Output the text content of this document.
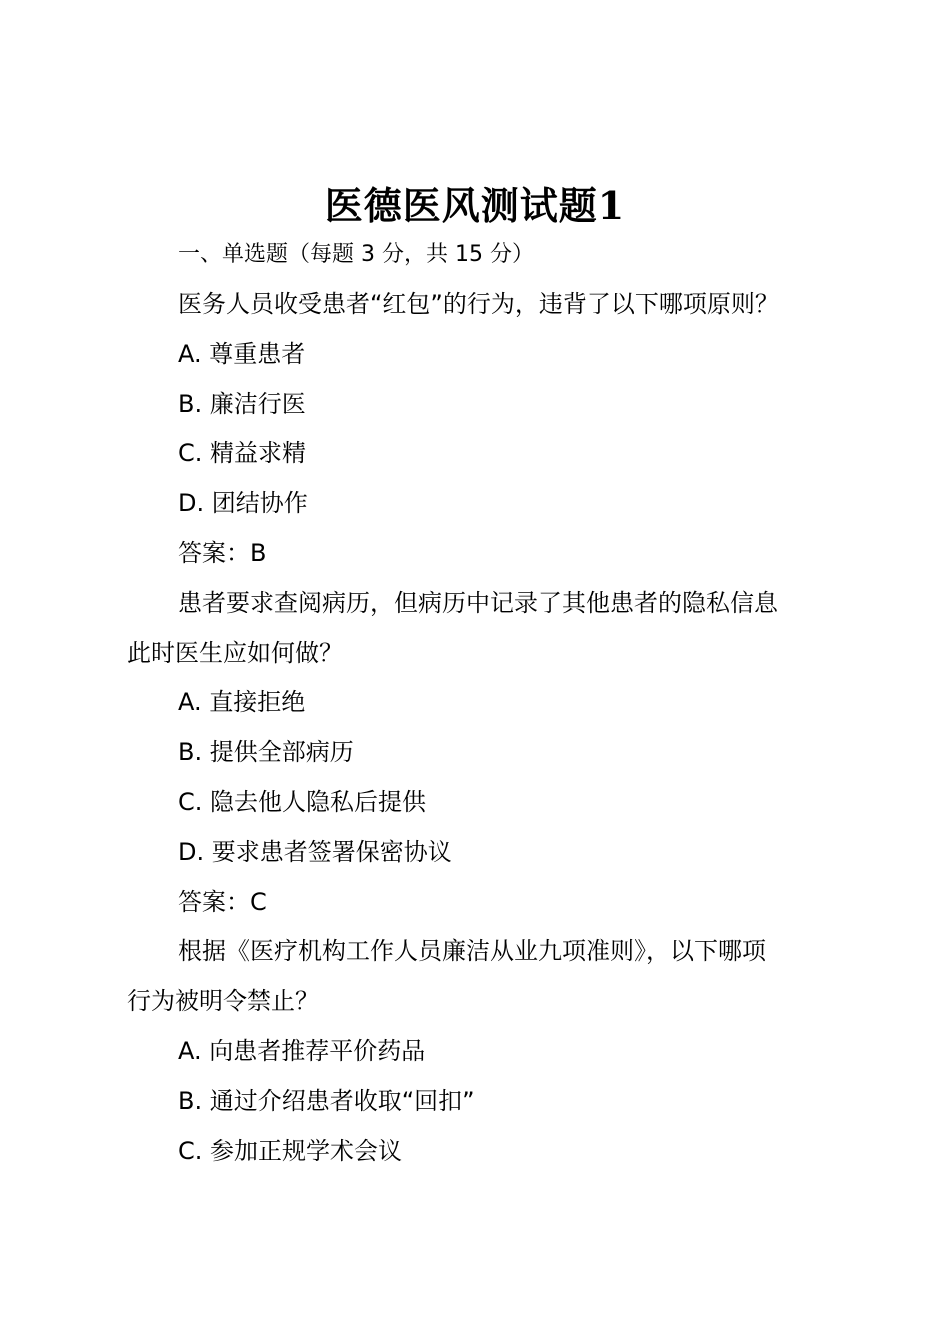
医德医风测试题1
一、单选题（每题 3 分，共 15 分）
医务人员收受患者“红包”的行为，违背了以下哪项原则？
A. 尊重患者
B. 廉洁行医
C. 精益求精
D. 团结协作
答案：B
患者要求查阅病历，但病历中记录了其他患者的隐私信息
此时医生应如何做？
A. 直接拒绝
B. 提供全部病历
C. 隐去他人隐私后提供
D. 要求患者签署保密协议
答案：C
根据《医疗机构工作人员廉洁从业九项准则》，以下哪项
行为被明令禁止？
A. 向患者推荐平价药品
B. 通过介绍患者收取“回扣”
C. 参加正规学术会议
